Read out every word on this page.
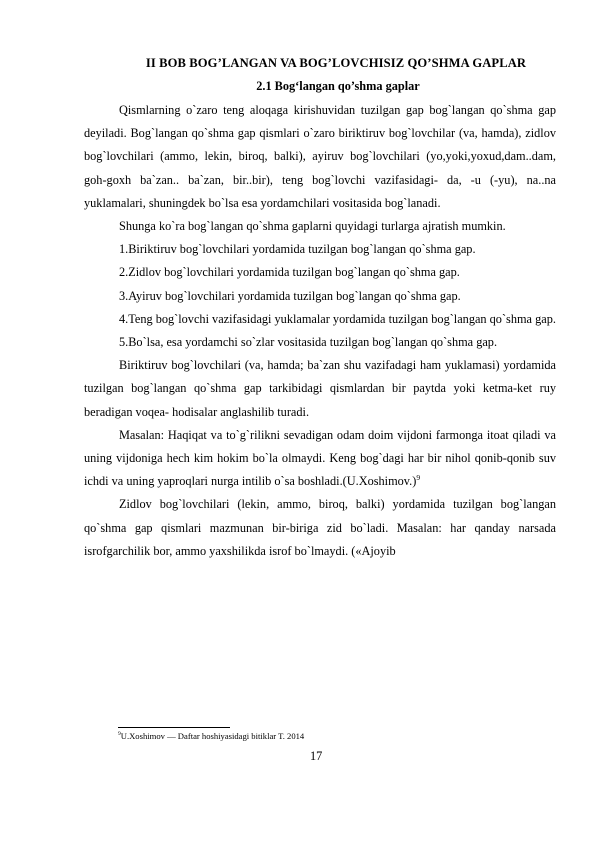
II BOB BOG’LANGAN VA BOG’LOVCHISIZ QO’SHMA GAPLAR
2.1 Bog‘langan qo’shma gaplar

Qismlarning o`zaro teng aloqaga kirishuvidan tuzilgan gap bog`langan qo`shma gap deyiladi. Bog`langan qo`shma gap qismlari o`zaro biriktiruv bog`lovchilar (va, hamda), zidlov bog`lovchilari (ammo, lekin, biroq, balki), ayiruv bog`lovchilari (yo,yoki,yoxud,dam..dam, goh-goxh ba`zan.. ba`zan, bir..bir), teng bog`lovchi vazifasidagi- da, -u (-yu), na..na yuklamalari, shuningdek bo`lsa esa yordamchilari vositasida bog`lanadi.

Shunga ko`ra bog`langan qo`shma gaplarni quyidagi turlarga ajratish mumkin.

1.Biriktiruv bog`lovchilari yordamida tuzilgan bog`langan qo`shma gap.

2.Zidlov bog`lovchilari yordamida tuzilgan bog`langan qo`shma gap.

3.Ayiruv bog`lovchilari yordamida tuzilgan bog`langan qo`shma gap.

4.Teng bog`lovchi vazifasidagi yuklamalar yordamida tuzilgan bog`langan qo`shma gap.

5.Bo`lsa, esa yordamchi so`zlar vositasida tuzilgan bog`langan qo`shma gap.

Biriktiruv bog`lovchilari (va, hamda; ba`zan shu vazifadagi ham yuklamasi) yordamida tuzilgan bog`langan qo`shma gap tarkibidagi qismlardan bir paytda yoki ketma-ket ruy beradigan voqea- hodisalar anglashilib turadi.

Masalan: Haqiqat va to`g`rilikni sevadigan odam doim vijdoni farmonga itoat qiladi va uning vijdoniga hech kim hokim bo`la olmaydi. Keng bog`dagi har bir nihol qonib-qonib suv ichdi va uning yaproqlari nurga intilib o`sa boshladi.(U.Xoshimov.)$^9$

Zidlov bog`lovchilari (lekin, ammo, biroq, balki) yordamida tuzilgan bog`langan qo`shma gap qismlari mazmunan bir-biriga zid bo`ladi. Masalan: har qanday narsada isrofgarchilik bor, ammo yaxshilikda isrof bo`lmaydi. («Ajoyib

$^9$U.Xoshimov — Daftar hoshiyasidagi bitiklar T. 2014
17
